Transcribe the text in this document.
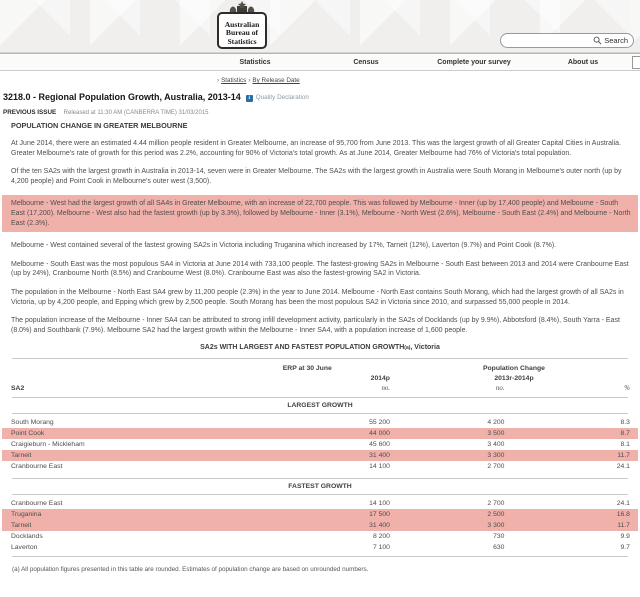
Australian
Bureau of
Statistics	Search
Statistics	Census	Complete your survey	About us
› Statistics › By Release Date
3218.0 - Regional Population Growth, Australia, 2013-14 i Quality Declaration
PREVIOUS ISSUE Released at 11:30 AM (CANBERRA TIME) 31/03/2015
POPULATION CHANGE IN GREATER MELBOURNE
At June 2014, there were an estimated 4.44 million people resident in Greater Melbourne, an increase of 95,700 from June 2013. This was the largest growth of all Greater Capital Cities in Australia. Greater Melbourne's rate of growth for this period was 2.2%, accounting for 90% of Victoria's total growth. As at June 2014, Greater Melbourne had 76% of Victoria's total population.
Of the ten SA2s with the largest growth in Australia in 2013-14, seven were in Greater Melbourne. The SA2s with the largest growth in Australia were South Morang in Melbourne's outer north (up by 4,200 people) and Point Cook in Melbourne's outer west (3,500).
Melbourne - West had the largest growth of all SA4s in Greater Melbourne, with an increase of 22,700 people. This was followed by Melbourne - Inner (up by 17,400 people) and Melbourne - South East (17,200). Melbourne - West also had the fastest growth (up by 3.3%), followed by Melbourne - Inner (3.1%), Melbourne - North West (2.6%), Melbourne - South East (2.4%) and Melbourne - North East (2.3%).
Melbourne - West contained several of the fastest growing SA2s in Victoria including Truganina which increased by 17%, Tarneit (12%), Laverton (9.7%) and Point Cook (8.7%).
Melbourne - South East was the most populous SA4 in Victoria at June 2014 with 733,100 people. The fastest-growing SA2s in Melbourne - South East between 2013 and 2014 were Cranbourne East (up by 24%), Cranbourne North (8.5%) and Cranbourne West (8.0%). Cranbourne East was also the fastest-growing SA2 in Victoria.
The population in the Melbourne - North East SA4 grew by 11,200 people (2.3%) in the year to June 2014. Melbourne - North East contains South Morang, which had the largest growth of all SA2s in Victoria, up by 4,200 people, and Epping which grew by 2,500 people. South Morang has been the most populous SA2 in Victoria since 2010, and surpassed 55,000 people in 2014.
The population increase of the Melbourne - Inner SA4 can be attributed to strong infill development activity, particularly in the SA2s of Docklands (up by 9.9%), Abbotsford (8.4%), South Yarra - East (8.0%) and Southbank (7.9%). Melbourne SA2 had the largest growth within the Melbourne - Inner SA4, with a population increase of 1,600 people.
SA2s WITH LARGEST AND FASTEST POPULATION GROWTH(a), Victoria
ERP at 30 June	Population Change
2014p	2013r-2014p
SA2	no.	no.	%
LARGEST GROWTH
South Morang	55 200	4 200	8.3
Point Cook	44 000	3 500	8.7
Craigieburn - Mickleham	45 600	3 400	8.1
Tarneit	31 400	3 300	11.7
Cranbourne East	14 100	2 700	24.1
FASTEST GROWTH
Cranbourne East	14 100	2 700	24.1
Truganina	17 500	2 500	16.8
Tarneit	31 400	3 300	11.7
Docklands	8 200	730	9.9
Laverton	7 100	630	9.7
(a) All population figures presented in this table are rounded. Estimates of population change are based on unrounded numbers.
